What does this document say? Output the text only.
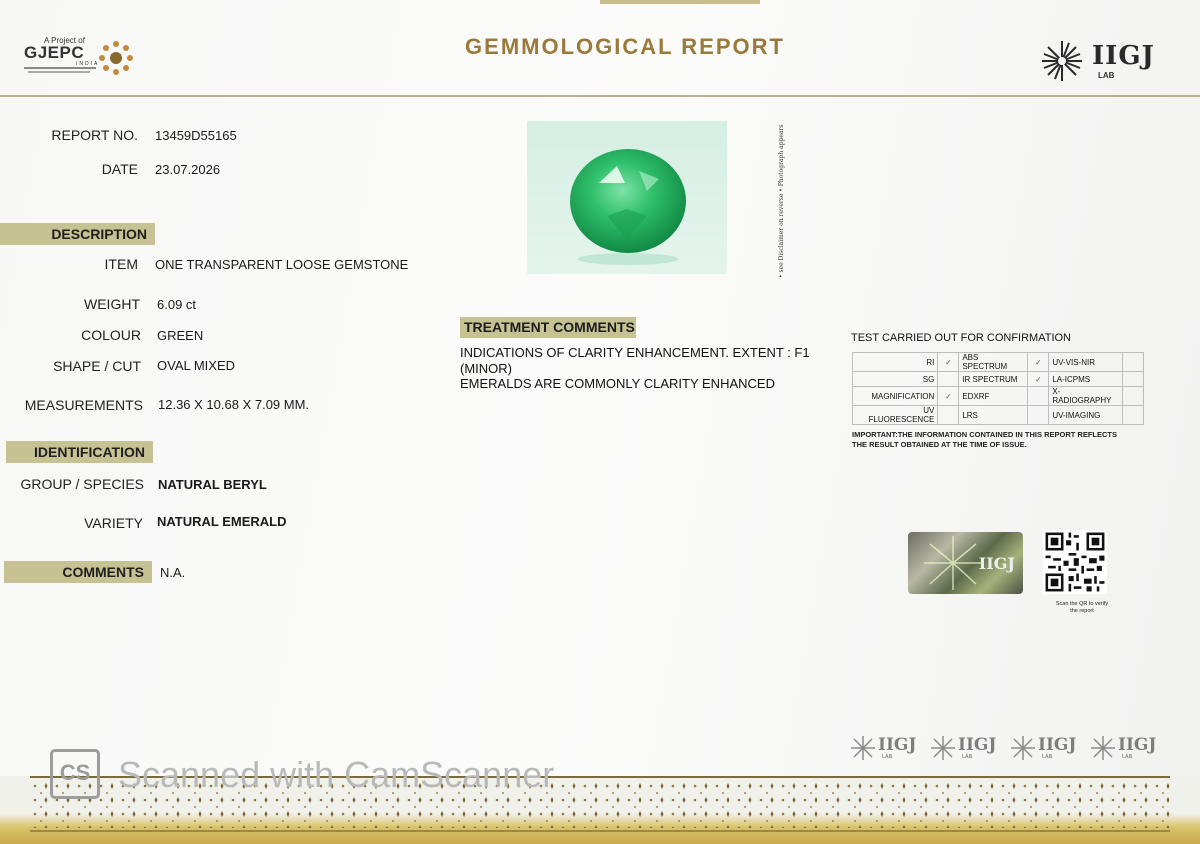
A Project of
GJEPC
INDIA
GEMMOLOGICAL REPORT	IIGJ
LAB
REPORT NO. 13459D55165
DATE 23.07.2026
DESCRIPTION
ITEM ONE TRANSPARENT LOOSE GEMSTONE
WEIGHT 6.09 ct
COLOUR GREEN
SHAPE / CUT OVAL MIXED
MEASUREMENTS 12.36 X 10.68 X 7.09 MM.
IDENTIFICATION
GROUP / SPECIES NATURAL BERYL
VARIETY NATURAL EMERALD
COMMENTS	N.A.
• see Disclaimer on reverse • Photograph appears
TREATMENT COMMENTS
INDICATIONS OF CLARITY ENHANCEMENT. EXTENT : F1
(MINOR)
EMERALDS ARE COMMONLY CLARITY ENHANCED
TEST CARRIED OUT FOR CONFIRMATION
RI	✓	ABS SPECTRUM	✓	UV-VIS-NIR	
SG		IR SPECTRUM	✓	LA-ICPMS	
MAGNIFICATION	✓	EDXRF		X-RADIOGRAPHY	
UV FLUORESCENCE		LRS		UV-IMAGING	
IMPORTANT:THE INFORMATION CONTAINED IN THIS REPORT REFLECTS THE RESULT OBTAINED AT THE TIME OF ISSUE.
IIGJ
Scan the QR to verify the report
IIGJ
LAB
IIGJ
LAB
IIGJ
LAB
IIGJ
LAB
CS Scanned with CamScanner
